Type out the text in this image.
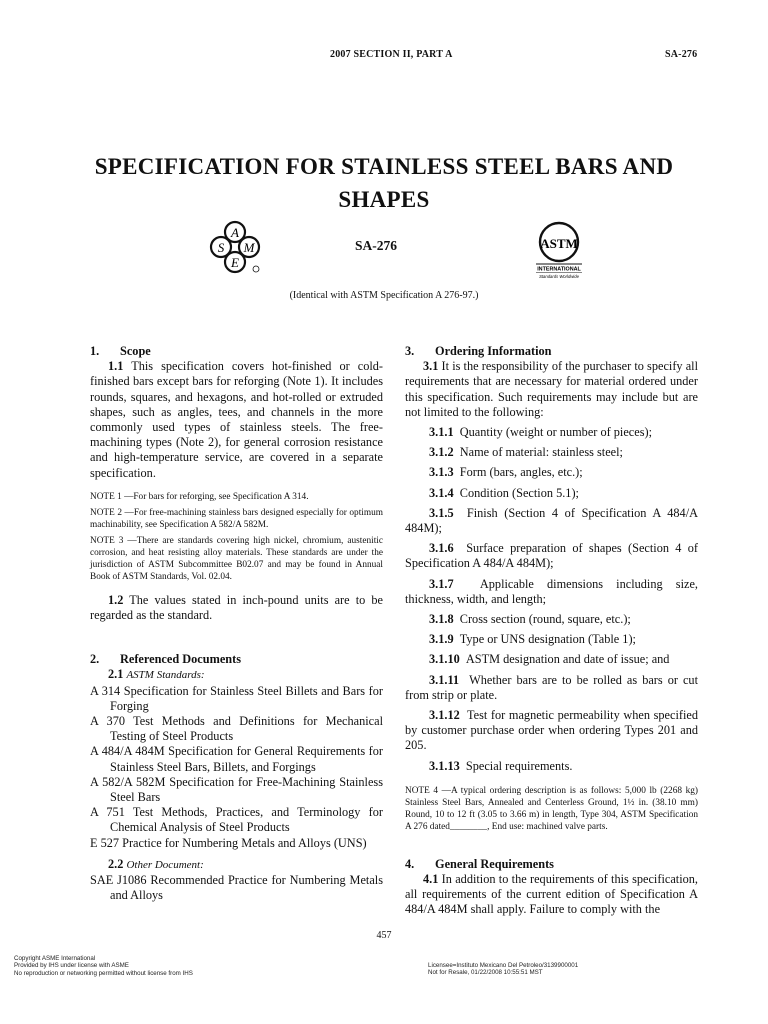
2007 SECTION II, PART A	SA-276
SPECIFICATION FOR STAINLESS STEEL BARS AND
SHAPES
A
S M
E
SA-276	ASTM
INTERNATIONAL
Standards Worldwide
(Identical with ASTM Specification A 276-97.)
1. Scope

1.1 This specification covers hot-finished or cold-finished bars except bars for reforging (Note 1). It includes rounds, squares, and hexagons, and hot-rolled or extruded shapes, such as angles, tees, and channels in the more commonly used types of stainless steels. The free-machining types (Note 2), for general corrosion resistance and high-temperature service, are covered in a separate specification.

NOTE 1 —For bars for reforging, see Specification A 314.

NOTE 2 —For free-machining stainless bars designed especially for optimum machinability, see Specification A 582/A 582M.

NOTE 3 —There are standards covering high nickel, chromium, austenitic corrosion, and heat resisting alloy materials. These standards are under the jurisdiction of ASTM Subcommittee B02.07 and may be found in Annual Book of ASTM Standards, Vol. 02.04.

1.2 The values stated in inch-pound units are to be regarded as the standard.

2. Referenced Documents

2.1 ASTM Standards:

A 314 Specification for Stainless Steel Billets and Bars for Forging

A 370 Test Methods and Definitions for Mechanical Testing of Steel Products

A 484/A 484M Specification for General Requirements for Stainless Steel Bars, Billets, and Forgings

A 582/A 582M Specification for Free-Machining Stainless Steel Bars

A 751 Test Methods, Practices, and Terminology for Chemical Analysis of Steel Products

E 527 Practice for Numbering Metals and Alloys (UNS)

2.2 Other Document:

SAE J1086 Recommended Practice for Numbering Metals and Alloys

3. Ordering Information

3.1 It is the responsibility of the purchaser to specify all requirements that are necessary for material ordered under this specification. Such requirements may include but are not limited to the following:

3.1.1 Quantity (weight or number of pieces);

3.1.2 Name of material: stainless steel;

3.1.3 Form (bars, angles, etc.);

3.1.4 Condition (Section 5.1);

3.1.5 Finish (Section 4 of Specification A 484/A 484M);

3.1.6 Surface preparation of shapes (Section 4 of Specification A 484/A 484M);

3.1.7 Applicable dimensions including size, thickness, width, and length;

3.1.8 Cross section (round, square, etc.);

3.1.9 Type or UNS designation (Table 1);

3.1.10 ASTM designation and date of issue; and

3.1.11 Whether bars are to be rolled as bars or cut from strip or plate.

3.1.12 Test for magnetic permeability when specified by customer purchase order when ordering Types 201 and 205.

3.1.13 Special requirements.

NOTE 4 —A typical ordering description is as follows: 5,000 lb (2268 kg) Stainless Steel Bars, Annealed and Centerless Ground, 1½ in. (38.10 mm) Round, 10 to 12 ft (3.05 to 3.66 m) in length, Type 304, ASTM Specification A 276 dated________, End use: machined valve parts.

4. General Requirements

4.1 In addition to the requirements of this specification, all requirements of the current edition of Specification A 484/A 484M shall apply. Failure to comply with the

457
Copyright ASME International
Provided by IHS under license with ASME
No reproduction or networking permitted without license from IHS
Licensee=Instituto Mexicano Del Petroleo/3139900001
Not for Resale, 01/22/2008 10:55:51 MST
